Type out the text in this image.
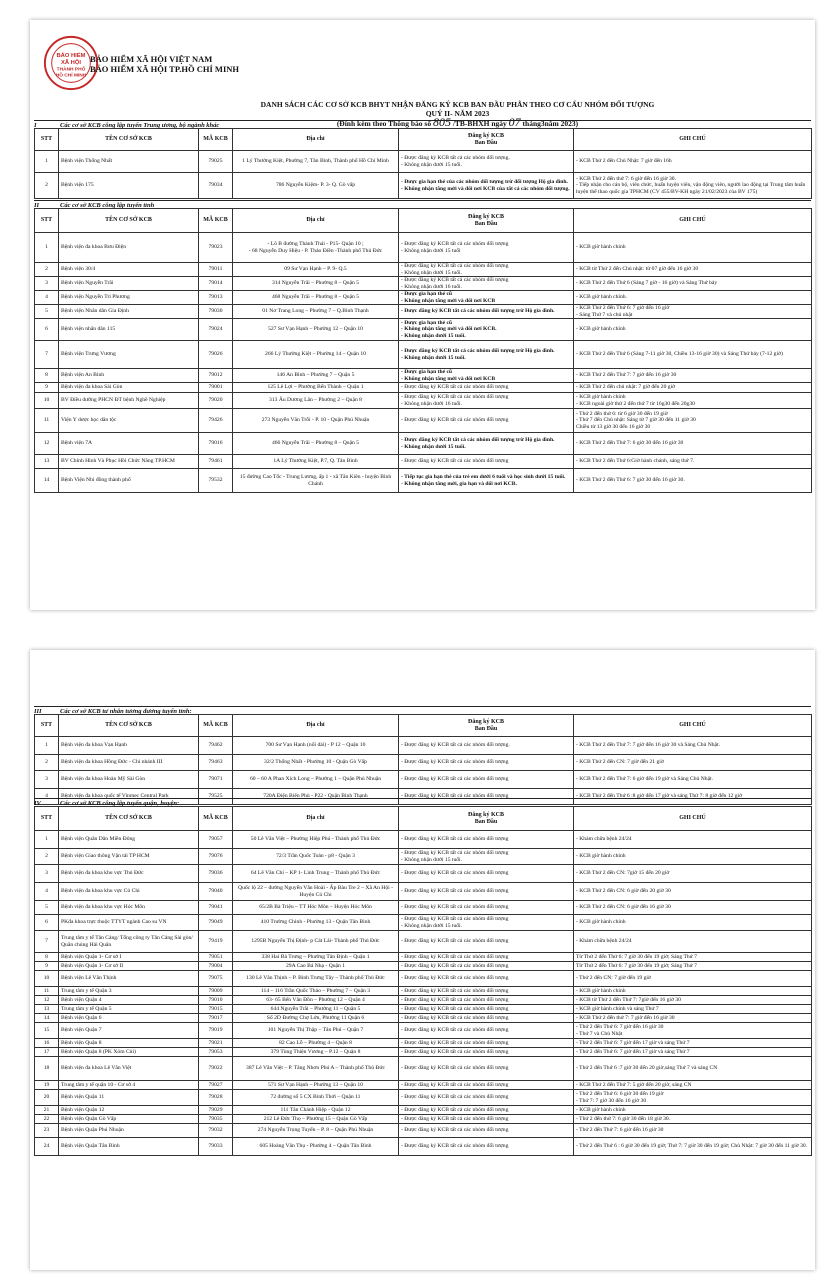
BẢO HIỂM
XÃ HỘI
THÀNH PHỐ
HỒ CHÍ MINH
BẢO HIỂM XÃ HỘI VIỆT NAM
BẢO HIỂM XÃ HỘI TP.HỒ CHÍ MINH
DANH SÁCH CÁC CƠ SỞ KCB BHYT NHẬN ĐĂNG KÝ KCB BAN ĐẦU PHÂN THEO CƠ CẤU NHÓM ĐỐI TƯỢNG
QUÝ II- NĂM 2023
(Đính kèm theo Thông báo số 805 /TB-BHXH ngày 07 tháng3năm 2023)
I	Các cơ sở KCB công lập tuyến Trung ương, bộ ngành khác
STT	TÊN CƠ SỞ KCB	MÃ KCB	Địa chỉ	Đăng ký KCB
Ban Đầu	GHI CHÚ
1	Bệnh viện Thống Nhất	79025	1 Lý Thường Kiệt, Phường 7, Tân Bình, Thành phố Hồ Chí Minh	- Được đăng ký KCB tất cả các nhóm đối tượng.
- Không nhận dưới 15 tuổi.	- KCB Thứ 2 đến Chủ Nhật: 7 giờ đến 16h
2	Bệnh viện 175	79034	786 Nguyễn Kiệm- P. 3- Q. Gò vấp	- Được gia hạn thẻ của các nhóm đối tượng trừ đối tượng Hộ gia đình.
- Không nhận tăng mới và đổi nơi KCB của tất cả các nhóm đối tượng.	- KCB Thứ 2 đến thứ 7: 6 giờ đến 16 giờ 30.
- Tiếp nhận cho cán bộ, viên chức, huấn luyện viên, vận động viên, người lao động tại Trung tâm huấn luyện thể thao quốc gia TPHCM (CV 455/BV-KH ngày 21/02/2023 của BV 175)
II	Các cơ sở KCB công lập tuyến tỉnh
STT	TÊN CƠ SỞ KCB	MÃ KCB	Địa chỉ	Đăng ký KCB
Ban Đầu	GHI CHÚ
1	Bệnh viện đa khoa Bưu Điện	79023	- Lô B đường Thành Thái - P15- Quận 10 ;
- 68 Nguyễn Duy Hiệu - P. Thảo Điền -Thành phố Thủ Đức	- Được đăng ký KCB tất cả các nhóm đối tượng
- Không nhận dưới 15 tuổi	- KCB giờ hành chính
2	Bệnh viện 30/4	79011	09 Sư Vạn Hạnh – P. 9- Q.5	- Được đăng ký KCB tất cả các nhóm đối tượng
- Không nhận dưới 15 tuổi.	- KCB từ Thứ 2 đến Chủ nhật: từ 07 giờ đến 16 giờ 30
3	Bệnh viện Nguyễn Trãi	79014	314 Nguyễn Trãi – Phường 8 – Quận 5	- Được đăng ký KCB tất cả các nhóm đối tượng
- Không nhận dưới 16 tuổi.	- KCB Thứ 2 đến Thứ 6 (Sáng 7 giờ - 16 giờ) và Sáng Thứ bảy
4	Bệnh viện Nguyễn Tri Phương	79013	468 Nguyễn Trãi – Phường 8 – Quận 5	- Được gia hạn thẻ cũ
- Không nhận tăng mới và đổi nơi KCB	- KCB giờ hành chính.
5	Bệnh viện Nhân dân Gia Định	79030	01 Nơ Trang Long – Phường 7 – Q.Bình Thạnh	- Được đăng ký KCB tất cả các nhóm đối tượng trừ Hộ gia đình.	- KCB Thứ 2 đến Thứ 6: 7 giờ đến 16 giờ
- Sáng Thứ 7 và chủ nhật
6	Bệnh viện nhân dân 115	79024	527 Sư Vạn Hạnh – Phường 12 – Quận 10	- Được gia hạn thẻ cũ
- Không nhận tăng mới và đổi nơi KCB.
- Không nhận dưới 15 tuổi.	- KCB giờ hành chính
7	Bệnh viện Trưng Vương	79026	266 Lý Thường Kiệt – Phường 14 – Quận 10	- Được đăng ký KCB tất cả các nhóm đối tượng trừ Hộ gia đình.
- Không nhận dưới 15 tuổi.	- KCB Thứ 2 đến Thứ 6 (Sáng 7-11 giờ 30, Chiều 13-16 giờ 30) và Sáng Thứ bảy (7-12 giờ)
8	Bệnh viện An Bình	79012	146 An Bình – Phường 7 – Quận 5	- Được gia hạn thẻ cũ
- Không nhận tăng mới và đổi nơi KCB	- KCB Thứ 2 đến Thứ 7: 7 giờ đến 16 giờ 30
9	Bệnh viện đa khoa Sài Gòn	79001	125 Lê Lợi – Phường Bến Thành – Quận 1	- Được đăng ký KCB tất cả các nhóm đối tượng	- KCB Thứ 2 đến chủ nhật: 7 giờ đến 20 giờ
10	BV Điều dưỡng PHCN ĐT bệnh Nghề Nghiệp	79020	313 Âu Dương Lân – Phường 2 – Quận 8	- Được đăng ký KCB tất cả các nhóm đối tượng
- Không nhận dưới 16 tuổi.	- KCB giờ hành chính
- KCB ngoài giờ thứ 2 đến thứ 7 từ 16g30 đến 20g30
11	Viện Y dược học dân tộc	79426	273 Nguyễn Văn Trỗi - P. 10 - Quận Phú Nhuận	- Được đăng ký KCB tất cả các nhóm đối tượng	- Thứ 2 đến thứ 6: từ 6 giờ 30 đến 19 giờ
- Thứ 7 đến Chủ nhật: Sáng từ 7 giờ 30 đến 11 giờ 30
Chiều từ 13 giờ 30 đến 16 giờ 30
12	Bệnh viện 7A	79016	466 Nguyễn Trãi – Phường 8 – Quận 5	- Được đăng ký KCB tất cả các nhóm đối tượng trừ Hộ gia đình.
- Không nhận dưới 15 tuổi.	- KCB Thứ 2 đến Thứ 7: 6 giờ 30 đến 16 giờ 30
13	BV Chỉnh Hình Và Phục Hồi Chức Năng TP.HCM	79461	1A Lý Thường Kiệt, P.7, Q. Tân Bình	- Được đăng ký KCB tất cả các nhóm đối tượng	- KCB Thứ 2 đến Thứ 6:Giờ hành chánh, sáng thứ 7.
14	Bệnh Viện Nhi đồng thành phố	79532	15 đường Cao Tốc - Trung Lương, ấp 1 - xã Tân Kiên - huyện Bình Chánh	- Tiếp tục gia hạn thẻ của trẻ em dưới 6 tuổi và học sinh dưới 15 tuổi.
- Không nhận tăng mới, gia hạn và đổi nơi KCB.	- KCB Thứ 2 đến Thứ 6: 7 giờ 30 đến 16 giờ 30.
III	Các cơ sở KCB tư nhân tương đương tuyến tỉnh:
STT	TÊN CƠ SỞ KCB	MÃ KCB	Địa chỉ	Đăng ký KCB
Ban Đầu	GHI CHÚ
1	Bệnh viện đa khoa Vạn Hạnh	79462	700 Sư Vạn Hạnh (nối dài) - P 12 – Quận 10	- Được đăng ký KCB tất cả các nhóm đối tượng.	- KCB Thứ 2 đến Thứ 7: 7 giờ đến 16 giờ 30 và Sáng Chủ Nhật.
2	Bệnh viện đa khoa Hồng Đức - Chi nhánh III	79463	32/2 Thống Nhất - Phường 10 - Quận Gò Vấp	- Được đăng ký KCB tất cả các nhóm đối tượng	- KCB Thứ 2 đến CN: 7 giờ đến 21 giờ
3	Bệnh viện đa khoa Hoàn Mỹ Sài Gòn	79071	60 – 60 A Phan Xích Long – Phường 1 – Quận Phú Nhuận	- Được đăng ký KCB tất cả các nhóm đối tượng	- KCB Thứ 2 đến Thứ 7: 6 giờ đến 19 giờ và Sáng Chủ Nhật.
4	Bệnh viện đa khoa quốc tế Vinmec Central Park	79525	720A Điện Biên Phủ - P22 - Quận Bình Thạnh	- Được đăng ký KCB tất cả các nhóm đối tượng	- KCB Thứ 2 đến Thứ 6 :8 giờ đến 17 giờ và sáng Thứ 7: 8 giờ đến 12 giờ
IV	Các cơ sở KCB công lập tuyến quận, huyện:
STT	TÊN CƠ SỞ KCB	MÃ KCB	Địa chỉ	Đăng ký KCB
Ban Đầu	GHI CHÚ
1	Bệnh viện Quân Dân Miền Đông	79057	50 Lê Văn Việt – Phường Hiệp Phú - Thành phố Thủ Đức	- Được đăng ký KCB tất cả các nhóm đối tượng	- Khám chữa bệnh 24/24
2	Bệnh viện Giao thông Vận tải TP HCM	79076	72/3 Trần Quốc Toản - p8 - Quận 3	- Được đăng ký KCB tất cả các nhóm đối tượng
- Không nhận dưới 15 tuổi.	- KCB giờ hành chính
3	Bệnh viện đa khoa khu vực Thủ Đức	79036	64 Lê Văn Chí – KP 1- Linh Trung – Thành phố Thủ Đức	- Được đăng ký KCB tất cả các nhóm đối tượng	- KCB Thứ 2 đến CN: 7giờ 15 đến 20 giờ
4	Bệnh viện đa khoa khu vực Củ Chi	79040	Quốc lộ 22 – đường Nguyễn Văn Hoài - Ấp Bàu Tre 2 – Xã An Hội - Huyện Củ Chi	- Được đăng ký KCB tất cả các nhóm đối tượng	- KCB Thứ 2 đến CN: 6 giờ đến 20 giờ 30
5	Bệnh viện đa khoa khu vực Hóc Môn	79041	65/2B Bà Triệu – TT Hóc Môn – Huyện Hóc Môn	- Được đăng ký KCB tất cả các nhóm đối tượng	- KCB Thứ 2 đến CN: 6 giờ đến 16 giờ 30
6	PKđa khoa trực thuộc TTYT ngành Cao su VN	79049	410 Trường Chinh - Phường 13 - Quận Tân Bình	- Được đăng ký KCB tất cả các nhóm đối tượng
- Không nhận dưới 15 tuổi.	- KCB giờ hành chính
7	Trung tâm y tế Tân Cảng/ Tổng công ty Tân Cảng Sài gòn/ Quân chủng Hải Quân	79419	1295B Nguyễn Thị Định- p Cát Lái- Thành phố Thủ Đức	- Được đăng ký KCB tất cả các nhóm đối tượng	- Khám chữa bệnh 24/24
8	Bệnh viện Quận 1- Cơ sở I	79051	338 Hai Bà Trưng – Phường Tân Định – Quận 1	- Được đăng ký KCB tất cả các nhóm đối tượng	Từ Thứ 2 đến Thứ 6: 7 giờ 30 đến 19 giờ; Sáng Thứ 7
9	Bệnh viện Quận 1- Cơ sở II	79004	29A Cao Bá Nhạ - Quận 1	- Được đăng ký KCB tất cả các nhóm đối tượng	Từ Thứ 2 đến Thứ 6: 7 giờ 30 đến 19 giờ; Sáng Thứ 7
10	Bệnh viện Lê Văn Thịnh	79075	130 Lê Văn Thịnh – P. Bình Trưng Tây – Thành phố Thủ Đức	- Được đăng ký KCB tất cả các nhóm đối tượng	- Thứ 2 đến CN: 7 giờ đến 19 giờ
11	Trung tâm y tế Quận 3	79009	114 – 116 Trần Quốc Thảo – Phường 7 – Quận 3	- Được đăng ký KCB tất cả các nhóm đối tượng	- KCB giờ hành chính
12	Bệnh viện Quận 4	79010	63- 65 Bến Vân Đồn – Phường 12 – Quận 4	- Được đăng ký KCB tất cả các nhóm đối tượng	- KCB từ Thứ 2 đến Thứ 7: 7giờ đến 16 giờ 30
13	Trung tâm y tế Quận 5	79015	644 Nguyễn Trãi – Phường 11 – Quận 5	- Được đăng ký KCB tất cả các nhóm đối tượng	- KCB giờ hành chính và sáng Thứ 7
14	Bệnh viện Quận 6	79017	Số 2D Đường Chợ Lớn, Phường 11 Quận 6	- Được đăng ký KCB tất cả các nhóm đối tượng	- KCB Thứ 2 đến thứ 7: 7 giờ đến 16 giờ 30
15	Bệnh viện Quận 7	79019	101 Nguyễn Thị Thập – Tân Phú – Quận 7	- Được đăng ký KCB tất cả các nhóm đối tượng	- Thứ 2 đến Thứ 6: 7 giờ đến 16 giờ 30
- Thứ 7 và Chủ Nhật
16	Bệnh viện Quận 8	79021	82 Cao Lỗ – Phường 4 – Quận 8	- Được đăng ký KCB tất cả các nhóm đối tượng	- Thứ 2 đến Thứ 6: 7 giờ đến 17 giờ và sáng Thứ 7
17	Bệnh viện Quận 8 (PK Xóm Củi)	79053	379 Tùng Thiện Vương – P.12 – Quận 8	- Được đăng ký KCB tất cả các nhóm đối tượng	- Thứ 2 đến Thứ 6: 7 giờ đến 17 giờ và sáng Thứ 7
18	Bệnh viện đa khoa Lê Văn Việt	79022	387 Lê Văn Việt – P. Tăng Nhơn Phú A – Thành phố Thủ Đức	- Được đăng ký KCB tất cả các nhóm đối tượng	- Thứ 2 đến Thứ 6 :7 giờ 30 đến 20 giờ,sáng Thứ 7 và sáng CN
19	Trung tâm y tế quận 10 - Cơ sở 4	79027	571 Sư Vạn Hạnh – Phường 13 – Quận 10	- Được đăng ký KCB tất cả các nhóm đối tượng	- KCB Thứ 2 đến Thứ 7: 5 giờ đến 20 giờ, sáng CN
20	Bệnh viện Quận 11	79028	72 đường số 5 CX Bình Thới – Quận 11	- Được đăng ký KCB tất cả các nhóm đối tượng	- Thứ 2 đến Thứ 6: 6 giờ 30 đến 19 giờ
- Thứ 7: 7 giờ 30 đến 16 giờ 30
21	Bệnh viện Quận 12	79029	111 Tân Chánh Hiệp - Quận 12	- Được đăng ký KCB tất cả các nhóm đối tượng	- KCB giờ hành chính
22	Bệnh viện Quận Gò Vấp	79035	212 Lê Đức Thọ – Phường 15 – Quận Gò Vấp	- Được đăng ký KCB tất cả các nhóm đối tượng	- Thứ 2 đến thứ 7: 6 giờ 30 đến 18 giờ 30.
23	Bệnh viện Quận Phú Nhuận	79032	274 Nguyễn Trọng Tuyển – P. 8 – Quận Phú Nhuận	- Được đăng ký KCB tất cả các nhóm đối tượng	- Thứ 2 đến Thứ 7: 6 giờ đến 16 giờ 30
24	Bệnh viện Quận Tân Bình	79033	605 Hoàng Văn Thụ - Phường 4 – Quận Tân Bình	- Được đăng ký KCB tất cả các nhóm đối tượng	- Thứ 2 đến Thứ 6 : 6 giờ 30 đến 19 giờ; Thứ 7: 7 giờ 30 đến 19 giờ; Chủ Nhật: 7 giờ 30 đến 11 giờ 30.
